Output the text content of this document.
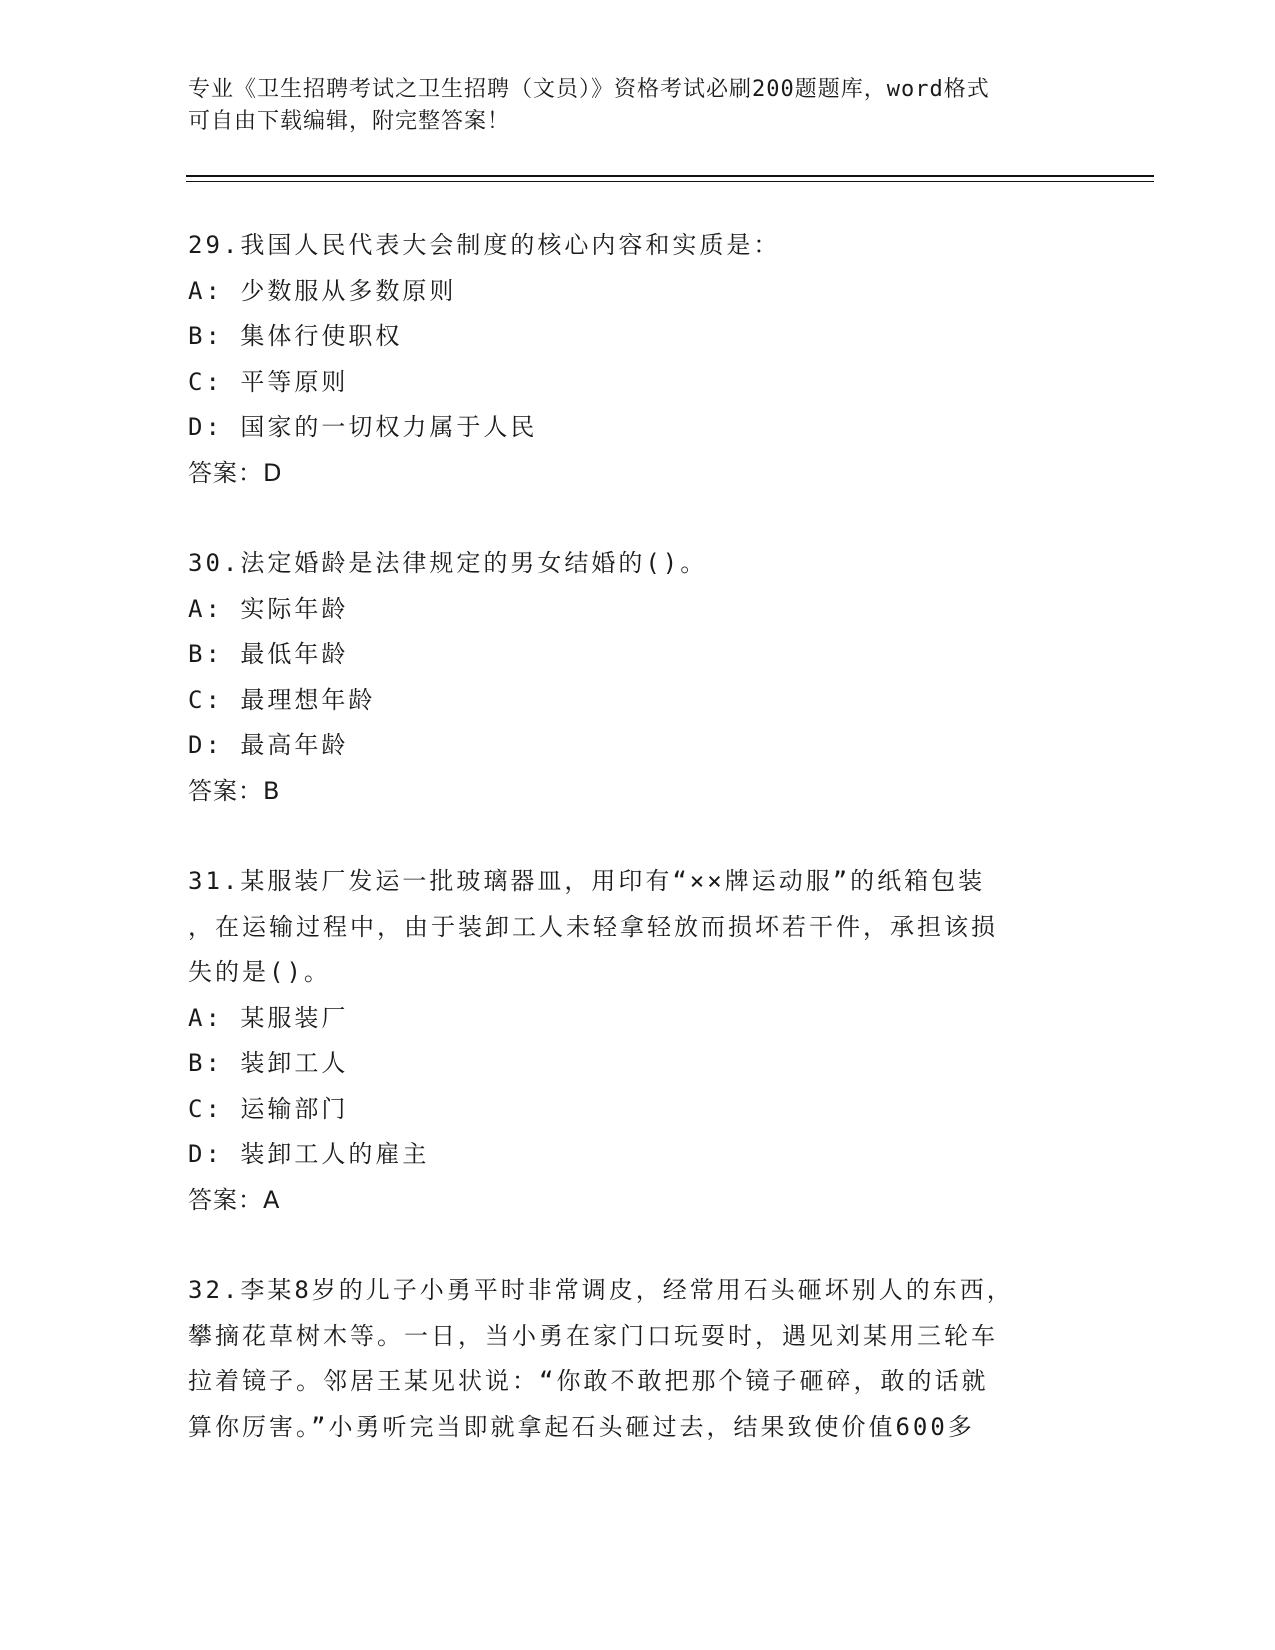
专业《卫生招聘考试之卫生招聘（文员）》资格考试必刷200题题库，word格式
可自由下载编辑，附完整答案！
29.我国人民代表大会制度的核心内容和实质是：
A: 少数服从多数原则
B: 集体行使职权
C: 平等原则
D: 国家的一切权力属于人民
答案：D
30.法定婚龄是法律规定的男女结婚的()。
A: 实际年龄
B: 最低年龄
C: 最理想年龄
D: 最高年龄
答案：B
31.某服装厂发运一批玻璃器皿，用印有“××牌运动服”的纸箱包装
，在运输过程中，由于装卸工人未轻拿轻放而损坏若干件，承担该损
失的是()。
A: 某服装厂
B: 装卸工人
C: 运输部门
D: 装卸工人的雇主
答案：A
32.李某8岁的儿子小勇平时非常调皮，经常用石头砸坏别人的东西，
攀摘花草树木等。一日，当小勇在家门口玩耍时，遇见刘某用三轮车
拉着镜子。邻居王某见状说：“你敢不敢把那个镜子砸碎，敢的话就
算你厉害。”小勇听完当即就拿起石头砸过去，结果致使价值600多
